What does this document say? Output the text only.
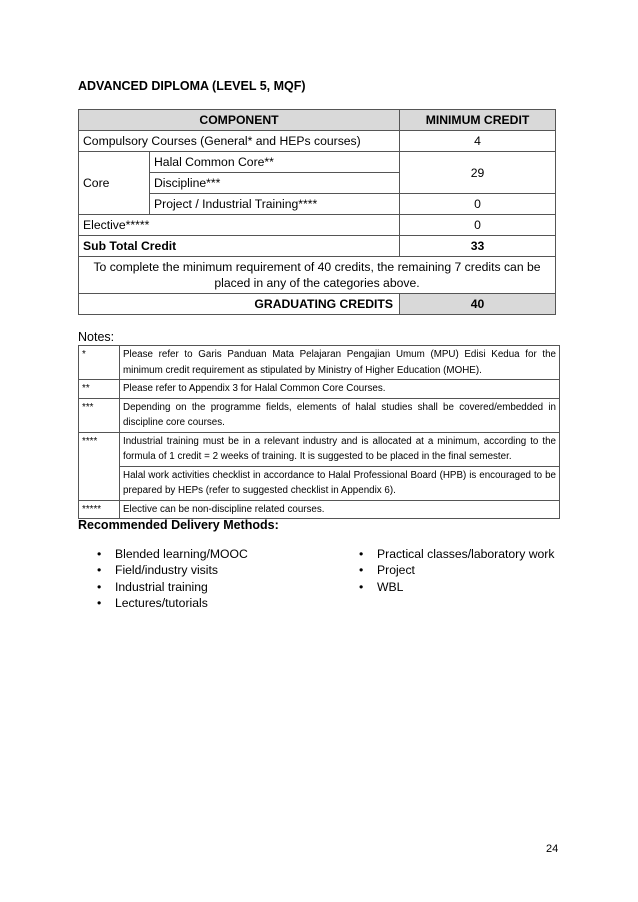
ADVANCED DIPLOMA (LEVEL 5, MQF)

COMPONENT		MINIMUM CREDIT
Compulsory Courses (General* and HEPs courses)		4
Core	Halal Common Core**	29
	Discipline***	
	Project / Industrial Training****	0
Elective*****		0
Sub Total Credit		33
To complete the minimum requirement of 40 credits, the remaining 7 credits can be placed in any of the categories above.		
GRADUATING CREDITS		40

Notes:

*	Please refer to Garis Panduan Mata Pelajaran Pengajian Umum (MPU) Edisi Kedua for the minimum credit requirement as stipulated by Ministry of Higher Education (MOHE).
**	Please refer to Appendix 3 for Halal Common Core Courses.
***	Depending on the programme fields, elements of halal studies shall be covered/embedded in discipline core courses.
****	Industrial training must be in a relevant industry and is allocated at a minimum, according to the formula of 1 credit = 2 weeks of training. It is suggested to be placed in the final semester.
	Halal work activities checklist in accordance to Halal Professional Board (HPB) is encouraged to be prepared by HEPs (refer to suggested checklist in Appendix 6).
*****	Elective can be non-discipline related courses.

Recommended Delivery Methods:

• Blended learning/MOOC
• Field/industry visits
• Industrial training
• Lectures/tutorials
• Practical classes/laboratory work
• Project
• WBL

24
